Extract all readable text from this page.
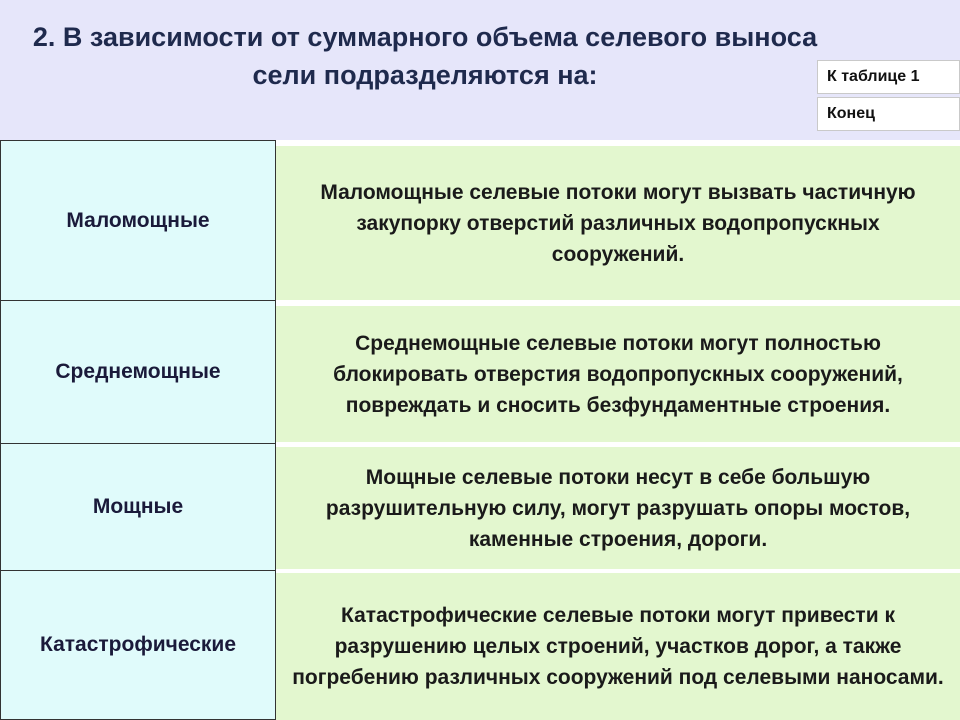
2. В зависимости от суммарного объема селевого выноса сели подразделяются на:	К таблице 1
Конец
Маломощные
Маломощные селевые потоки могут вызвать частичную закупорку отверстий различных водопропускных сооружений.
Среднемощные
Среднемощные селевые потоки могут полностью блокировать отверстия водопропускных сооружений, повреждать и сносить безфундаментные строения.
Мощные
Мощные селевые потоки несут в себе большую разрушительную силу, могут разрушать опоры мостов, каменные строения, дороги.
Катастрофические
Катастрофические селевые потоки могут привести к разрушению целых строений, участков дорог, а также погребению различных сооружений под селевыми наносами.
